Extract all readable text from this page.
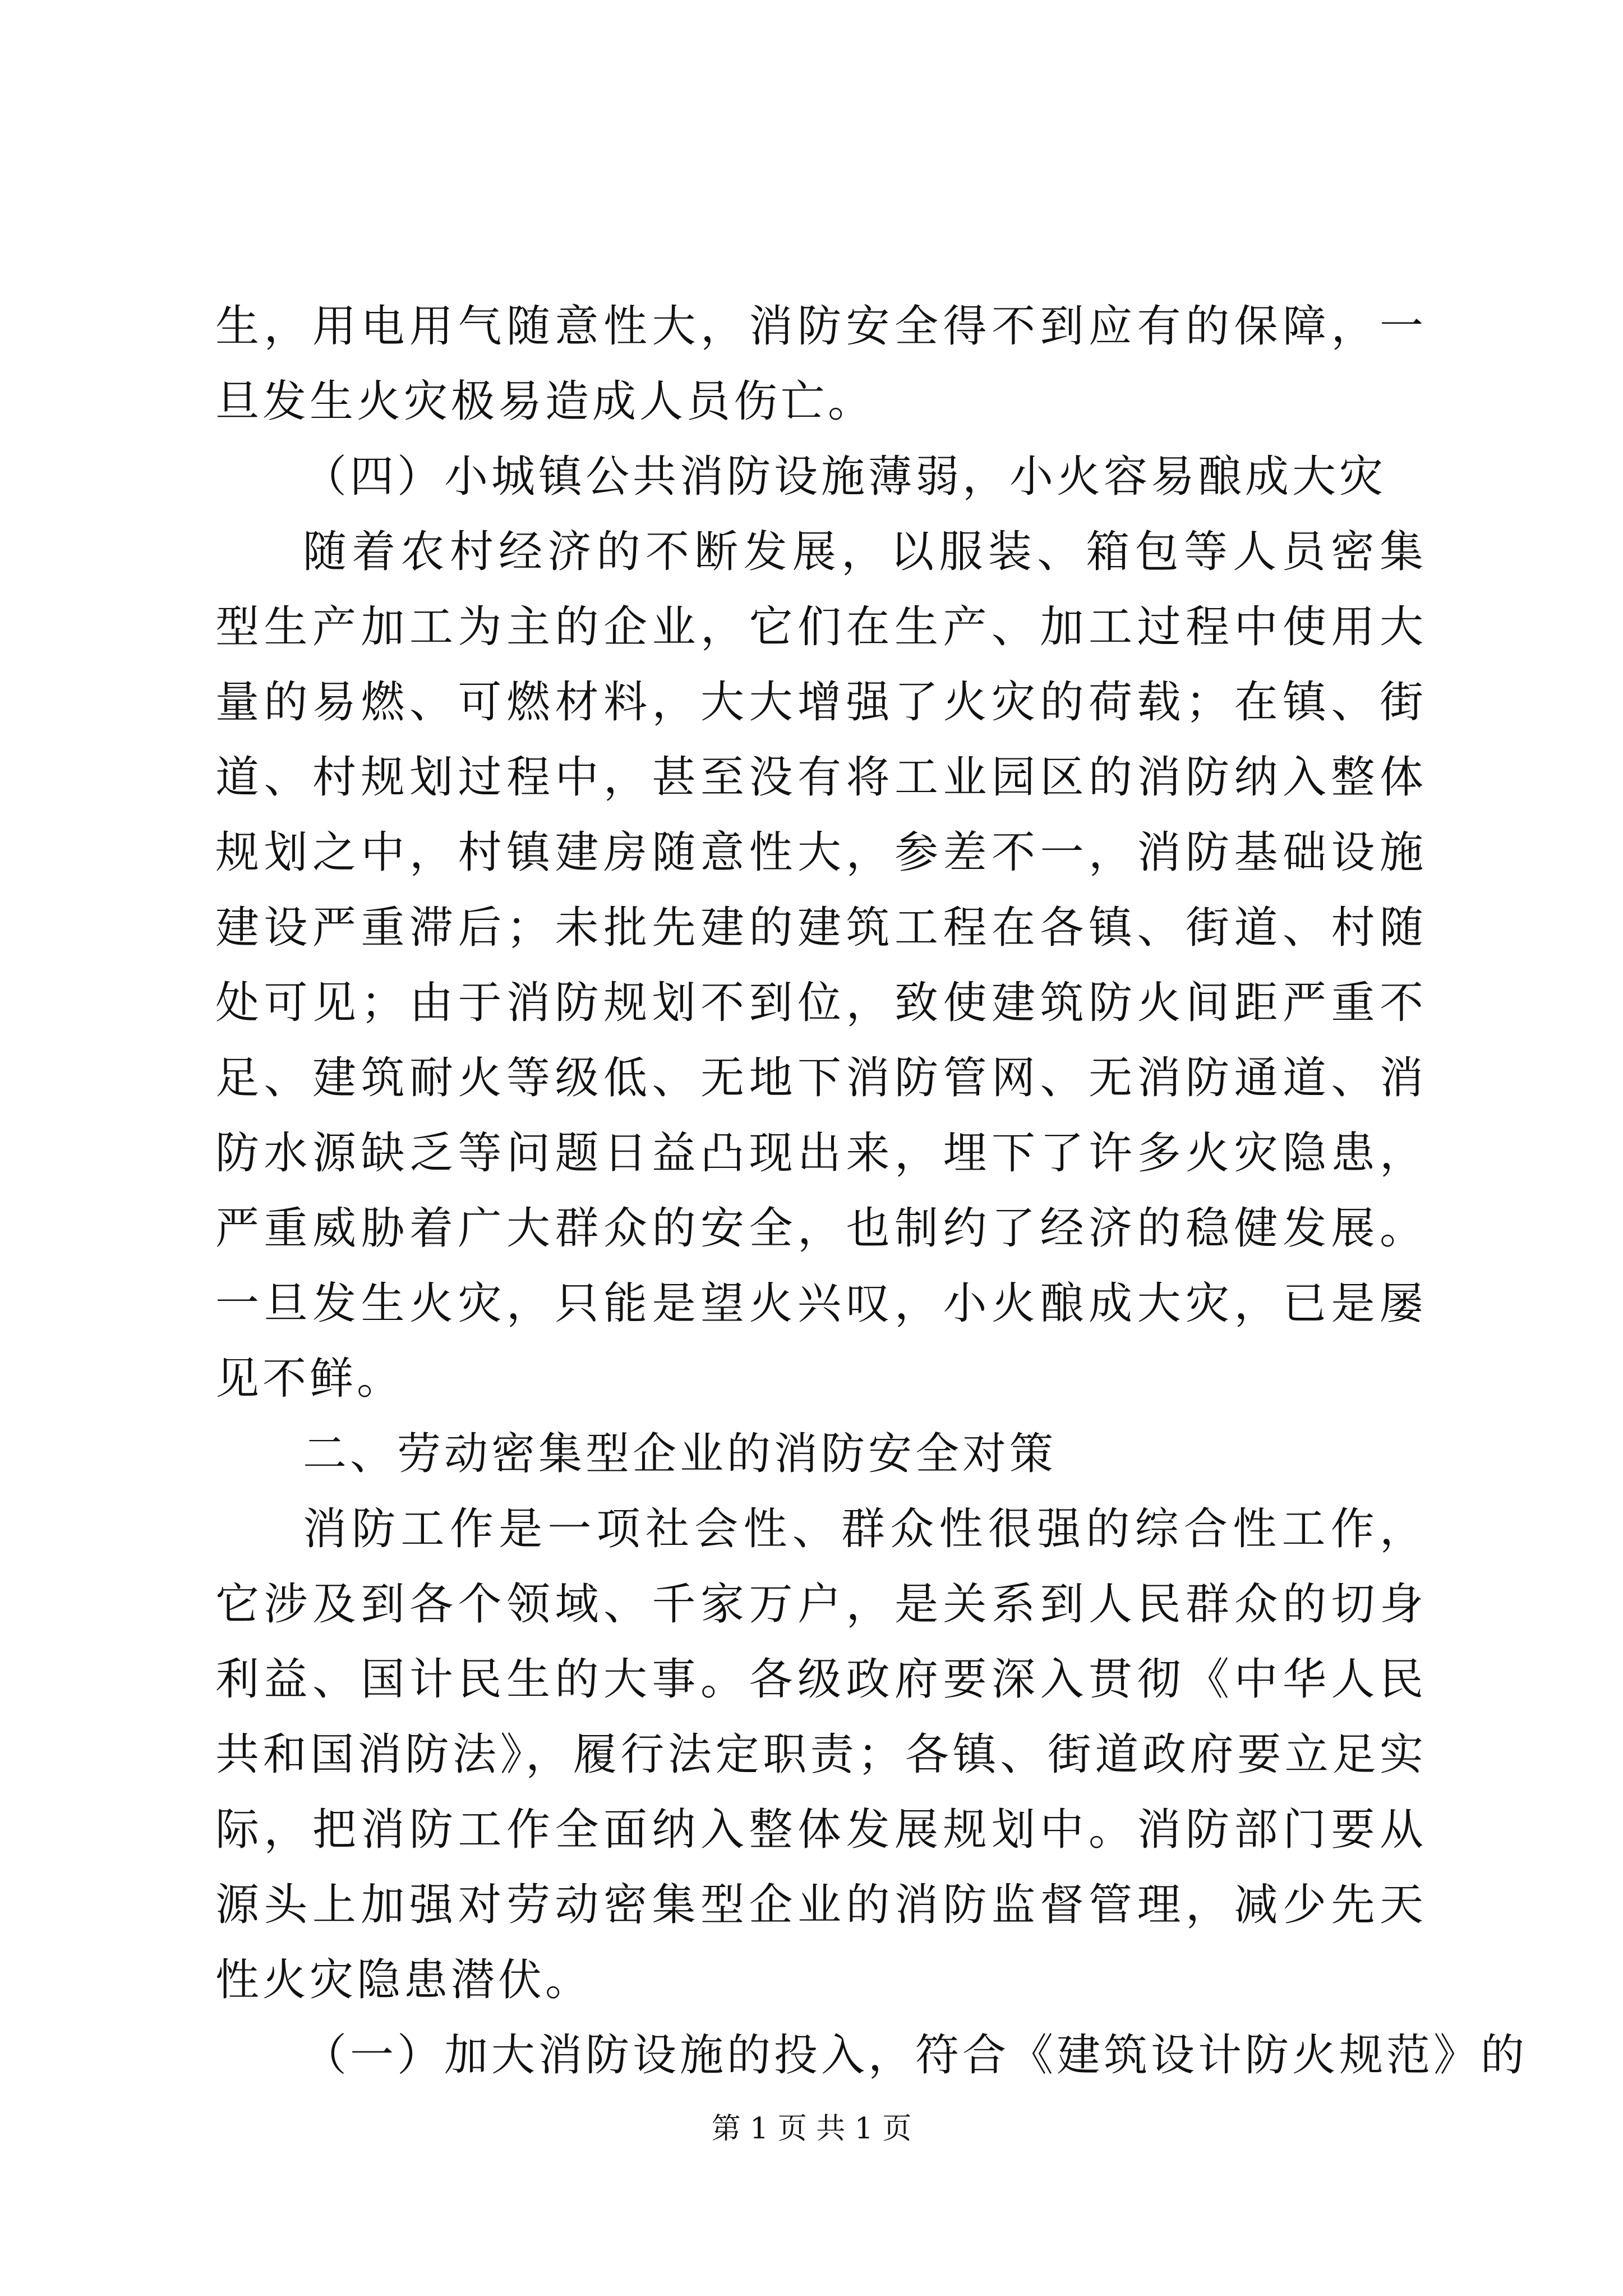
生，用电用气随意性大，消防安全得不到应有的保障，一旦发生火灾极易造成人员伤亡。

（四）小城镇公共消防设施薄弱，小火容易酿成大灾

随着农村经济的不断发展，以服装、箱包等人员密集型生产加工为主的企业，它们在生产、加工过程中使用大量的易燃、可燃材料，大大增强了火灾的荷载；在镇、街道、村规划过程中，甚至没有将工业园区的消防纳入整体规划之中，村镇建房随意性大，参差不一，消防基础设施建设严重滞后；未批先建的建筑工程在各镇、街道、村随处可见；由于消防规划不到位，致使建筑防火间距严重不足、建筑耐火等级低、无地下消防管网、无消防通道、消防水源缺乏等问题日益凸现出来，埋下了许多火灾隐患，严重威胁着广大群众的安全，也制约了经济的稳健发展。一旦发生火灾，只能是望火兴叹，小火酿成大灾，已是屡见不鲜。

二、劳动密集型企业的消防安全对策

消防工作是一项社会性、群众性很强的综合性工作，它涉及到各个领域、千家万户，是关系到人民群众的切身利益、国计民生的大事。各级政府要深入贯彻《中华人民共和国消防法》，履行法定职责；各镇、街道政府要立足实际，把消防工作全面纳入整体发展规划中。消防部门要从源头上加强对劳动密集型企业的消防监督管理，减少先天性火灾隐患潜伏。

（一）加大消防设施的投入，符合《建筑设计防火规范》的

第 1 页 共 1 页
